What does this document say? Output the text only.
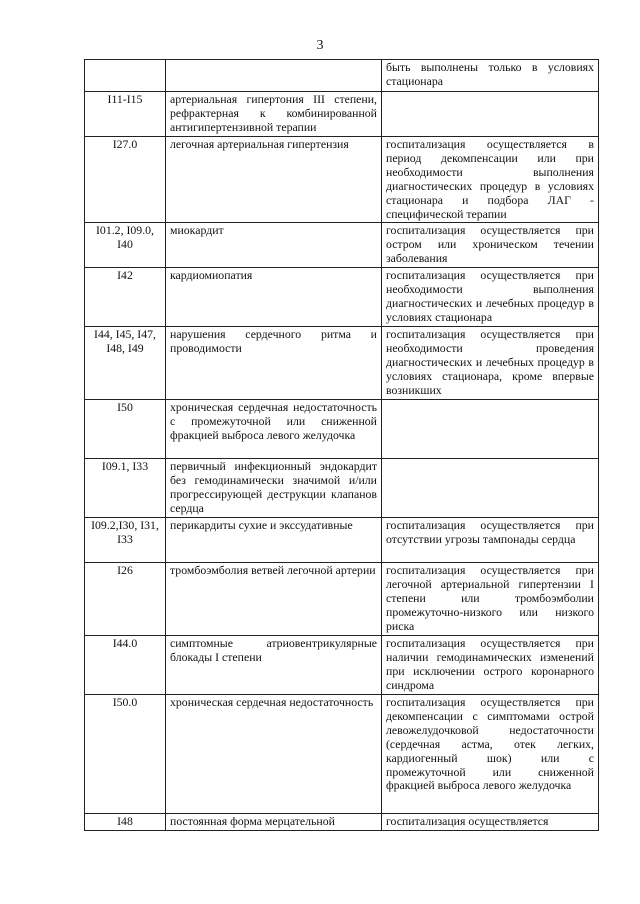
3
		быть выполнены только в условиях стационара
I11-I15	артериальная гипертония III степени, рефрактерная к комбинированной антигипертензивной терапии	
I27.0	легочная артериальная гипертензия	госпитализация осуществляется в период декомпенсации или при необходимости выполнения диагностических процедур в условиях стационара и подбора ЛАГ - специфической терапии
I01.2, I09.0, I40	миокардит	госпитализация осуществляется при остром или хроническом течении заболевания
I42	кардиомиопатия	госпитализация осуществляется при необходимости выполнения диагностических и лечебных процедур в условиях стационара
I44, I45, I47, I48, I49	нарушения сердечного ритма и проводимости	госпитализация осуществляется при необходимости проведения диагностических и лечебных процедур в условиях стационара, кроме впервые возникших
I50	хроническая сердечная недостаточность с промежуточной или сниженной фракцией выброса левого желудочка	
I09.1, I33	первичный инфекционный эндокардит без гемодинамически значимой и/или прогрессирующей деструкции клапанов сердца	
I09.2,I30, I31, I33	перикардиты сухие и экссудативные	госпитализация осуществляется при отсутствии угрозы тампонады сердца
I26	тромбоэмболия ветвей легочной артерии	госпитализация осуществляется при легочной артериальной гипертензии I степени или тромбоэмболии промежуточно-низкого или низкого риска
I44.0	симптомные атриовентрикулярные блокады I степени	госпитализация осуществляется при наличии гемодинамических изменений при исключении острого коронарного синдрома
I50.0	хроническая сердечная недостаточность	госпитализация осуществляется при декомпенсации с симптомами острой левожелудочковой недостаточности (сердечная астма, отек легких, кардиогенный шок) или с промежуточной или сниженной фракцией выброса левого желудочка
I48	постоянная форма мерцательной	госпитализация осуществляется
